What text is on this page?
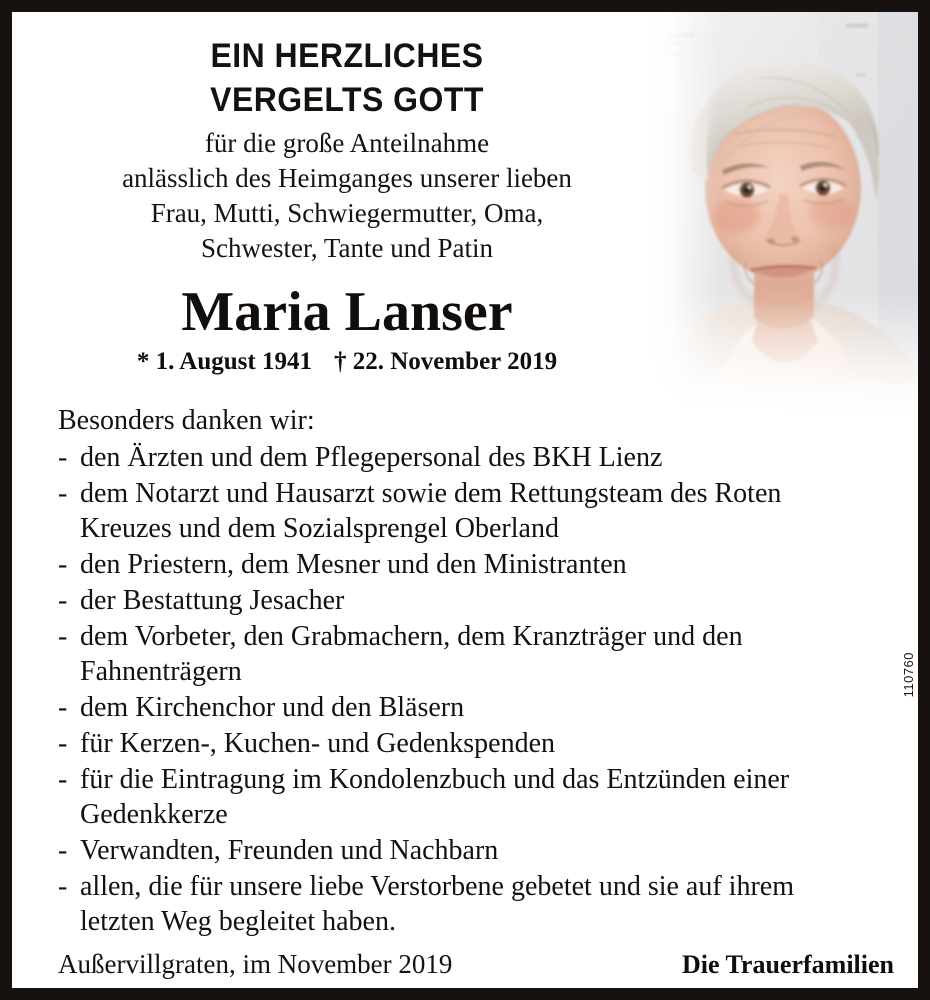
EIN HERZLICHES
VERGELTS GOTT
für die große Anteilnahme
anlässlich des Heimganges unserer lieben
Frau, Mutti, Schwiegermutter, Oma,
Schwester, Tante und Patin
Maria Lanser
* 1. August 1941 † 22. November 2019
Besonders danken wir:
- den Ärzten und dem Pflegepersonal des BKH Lienz
- dem Notarzt und Hausarzt sowie dem Rettungsteam des Roten Kreuzes und dem Sozialsprengel Oberland
- den Priestern, dem Mesner und den Ministranten
- der Bestattung Jesacher
- dem Vorbeter, den Grabmachern, dem Kranzträger und den Fahnenträgern
- dem Kirchenchor und den Bläsern
- für Kerzen-, Kuchen- und Gedenkspenden
- für die Eintragung im Kondolenzbuch und das Entzünden einer Gedenkkerze
- Verwandten, Freunden und Nachbarn
- allen, die für unsere liebe Verstorbene gebetet und sie auf ihrem letzten Weg begleitet haben.
Außervillgraten, im November 2019	Die Trauerfamilien
110760
